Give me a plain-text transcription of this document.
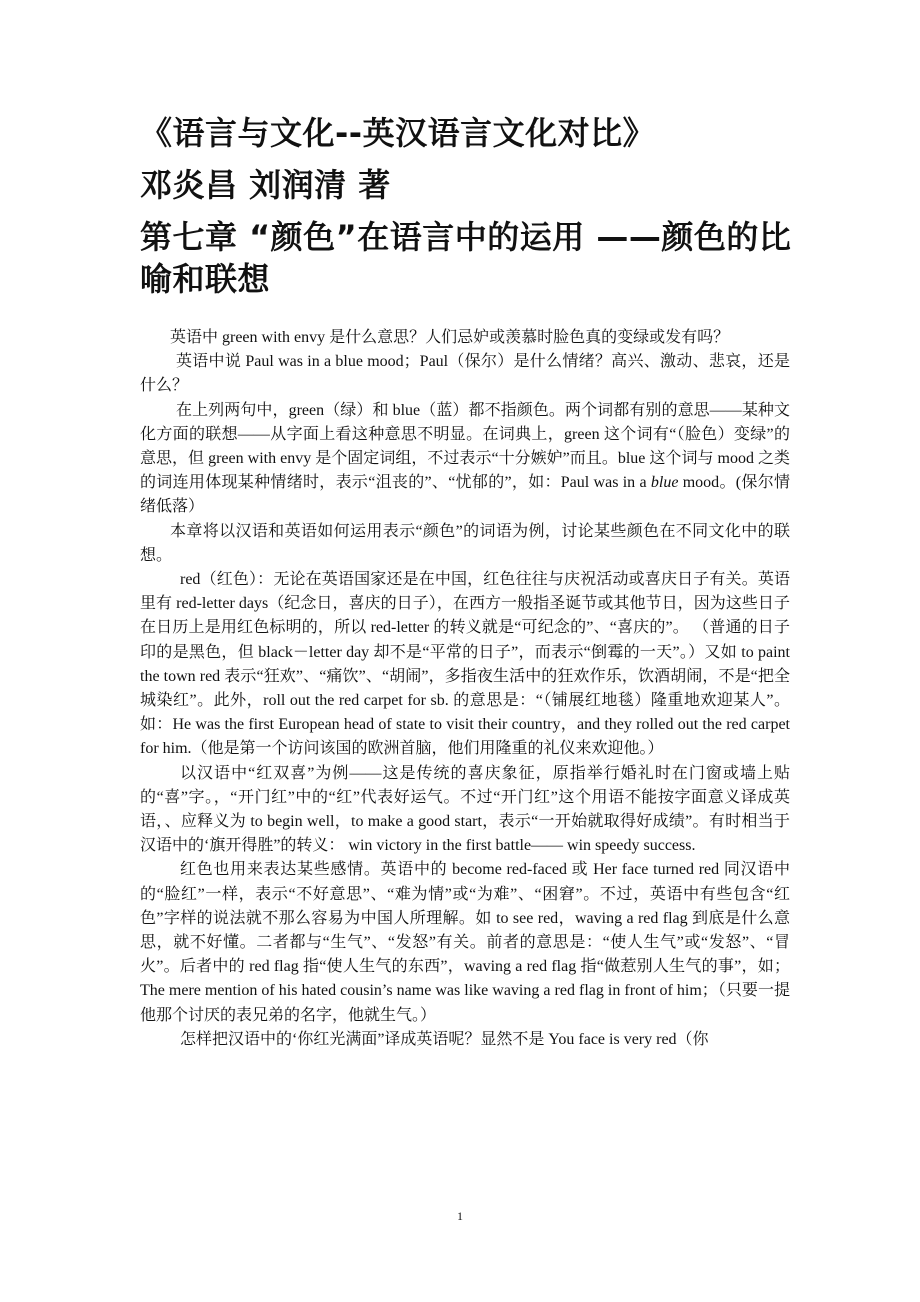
《语言与文化--英汉语言文化对比》
邓炎昌 刘润清 著
第七章 “颜色”在语言中的运用 ——颜色的比喻和联想

英语中 green with envy 是什么意思？人们忌妒或羡慕时脸色真的变绿或发有吗？

英语中说 Paul was in a blue mood；Paul（保尔）是什么情绪？高兴、激动、悲哀，还是什么？

在上列两句中，green（绿）和 blue（蓝）都不指颜色。两个词都有别的意思——某种文化方面的联想——从字面上看这种意思不明显。在词典上，green 这个词有“（脸色）变绿”的意思，但 green with envy 是个固定词组，不过表示“十分嫉妒”而且。blue 这个词与 mood 之类的词连用体现某种情绪时，表示“沮丧的”、“忧郁的”，如：Paul was in a blue mood。(保尔情绪低落）

本章将以汉语和英语如何运用表示“颜色”的词语为例，讨论某些颜色在不同文化中的联想。

red（红色）：无论在英语国家还是在中国，红色往往与庆祝活动或喜庆日子有关。英语里有 red-letter days（纪念日，喜庆的日子），在西方一般指圣诞节或其他节日，因为这些日子在日历上是用红色标明的，所以 red-letter 的转义就是“可纪念的”、“喜庆的”。 （普通的日子印的是黑色，但 black－letter day 却不是“平常的日子”，而表示“倒霉的一天”。）又如 to paint the town red 表示“狂欢”、“痛饮”、“胡闹”，多指夜生活中的狂欢作乐，饮酒胡闹，不是“把全城染红”。此外，roll out the red carpet for sb. 的意思是：“（铺展红地毯）隆重地欢迎某人”。如：He was the first European head of state to visit their country，and they rolled out the red carpet for him.（他是第一个访问该国的欧洲首脑，他们用隆重的礼仪来欢迎他。）

以汉语中“红双喜”为例——这是传统的喜庆象征，原指举行婚礼时在门窗或墙上贴的“喜”字。，“开门红”中的“红”代表好运气。不过“开门红”这个用语不能按字面意义译成英语，、应释义为 to begin well，to make a good start，表示“一开始就取得好成绩”。有时相当于汉语中的‘旗开得胜”的转义： win victory in the first battle—— win speedy success.

红色也用来表达某些感情。英语中的 become red-faced 或 Her face turned red 同汉语中的“脸红”一样，表示“不好意思”、“难为情”或“为难”、“困窘”。不过，英语中有些包含“红色”字样的说法就不那么容易为中国人所理解。如 to see red，waving a red flag 到底是什么意思，就不好懂。二者都与“生气”、“发怒”有关。前者的意思是：“使人生气”或“发怒”、“冒火”。后者中的 red flag 指“使人生气的东西”，waving a red flag 指“做惹别人生气的事”，如；The mere mention of his hated cousin’s name was like waving a red flag in front of him；（只要一提他那个讨厌的表兄弟的名字，他就生气。）

怎样把汉语中的‘你红光满面”译成英语呢？显然不是 You face is very red（你

1
